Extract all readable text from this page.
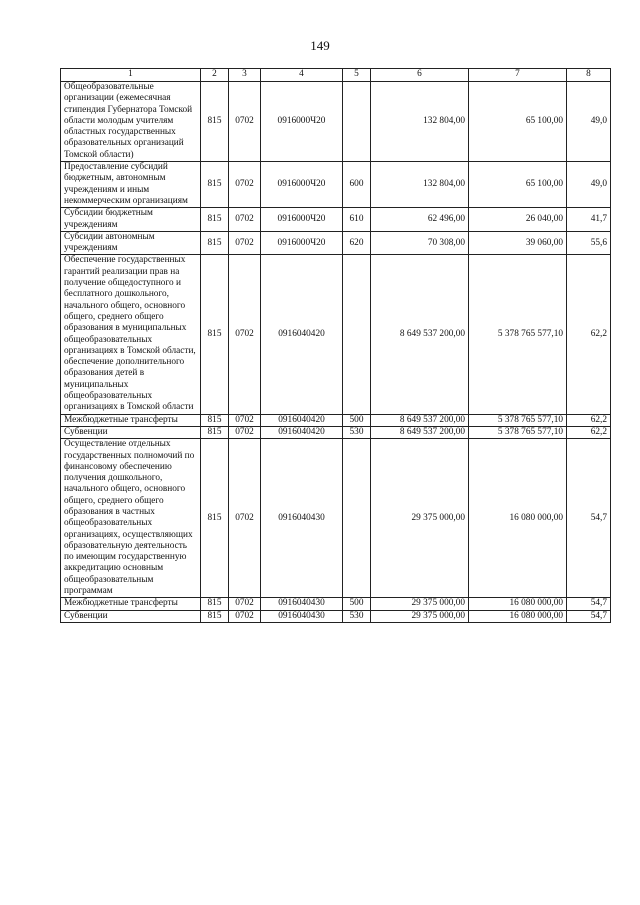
149
1	2	3	4	5	6	7	8
Общеобразовательные организации (ежемесячная стипендия Губернатора Томской области молодым учителям областных государственных образовательных организаций Томской области)	815	0702	0916000Ч20		132 804,00	65 100,00	49,0
Предоставление субсидий бюджетным, автономным учреждениям и иным некоммерческим организациям	815	0702	0916000Ч20	600	132 804,00	65 100,00	49,0
Субсидии бюджетным учреждениям	815	0702	0916000Ч20	610	62 496,00	26 040,00	41,7
Субсидии автономным учреждениям	815	0702	0916000Ч20	620	70 308,00	39 060,00	55,6
Обеспечение государственных гарантий реализации прав на получение общедоступного и бесплатного дошкольного, начального общего, основного общего, среднего общего образования в муниципальных общеобразовательных организациях в Томской области, обеспечение дополнительного образования детей в муниципальных общеобразовательных организациях в Томской области	815	0702	0916040420		8 649 537 200,00	5 378 765 577,10	62,2
Межбюджетные трансферты	815	0702	0916040420	500	8 649 537 200,00	5 378 765 577,10	62,2
Субвенции	815	0702	0916040420	530	8 649 537 200,00	5 378 765 577,10	62,2
Осуществление отдельных государственных полномочий по финансовому обеспечению получения дошкольного, начального общего, основного общего, среднего общего образования в частных общеобразовательных организациях, осуществляющих образовательную деятельность по имеющим государственную аккредитацию основным общеобразовательным программам	815	0702	0916040430		29 375 000,00	16 080 000,00	54,7
Межбюджетные трансферты	815	0702	0916040430	500	29 375 000,00	16 080 000,00	54,7
Субвенции	815	0702	0916040430	530	29 375 000,00	16 080 000,00	54,7
